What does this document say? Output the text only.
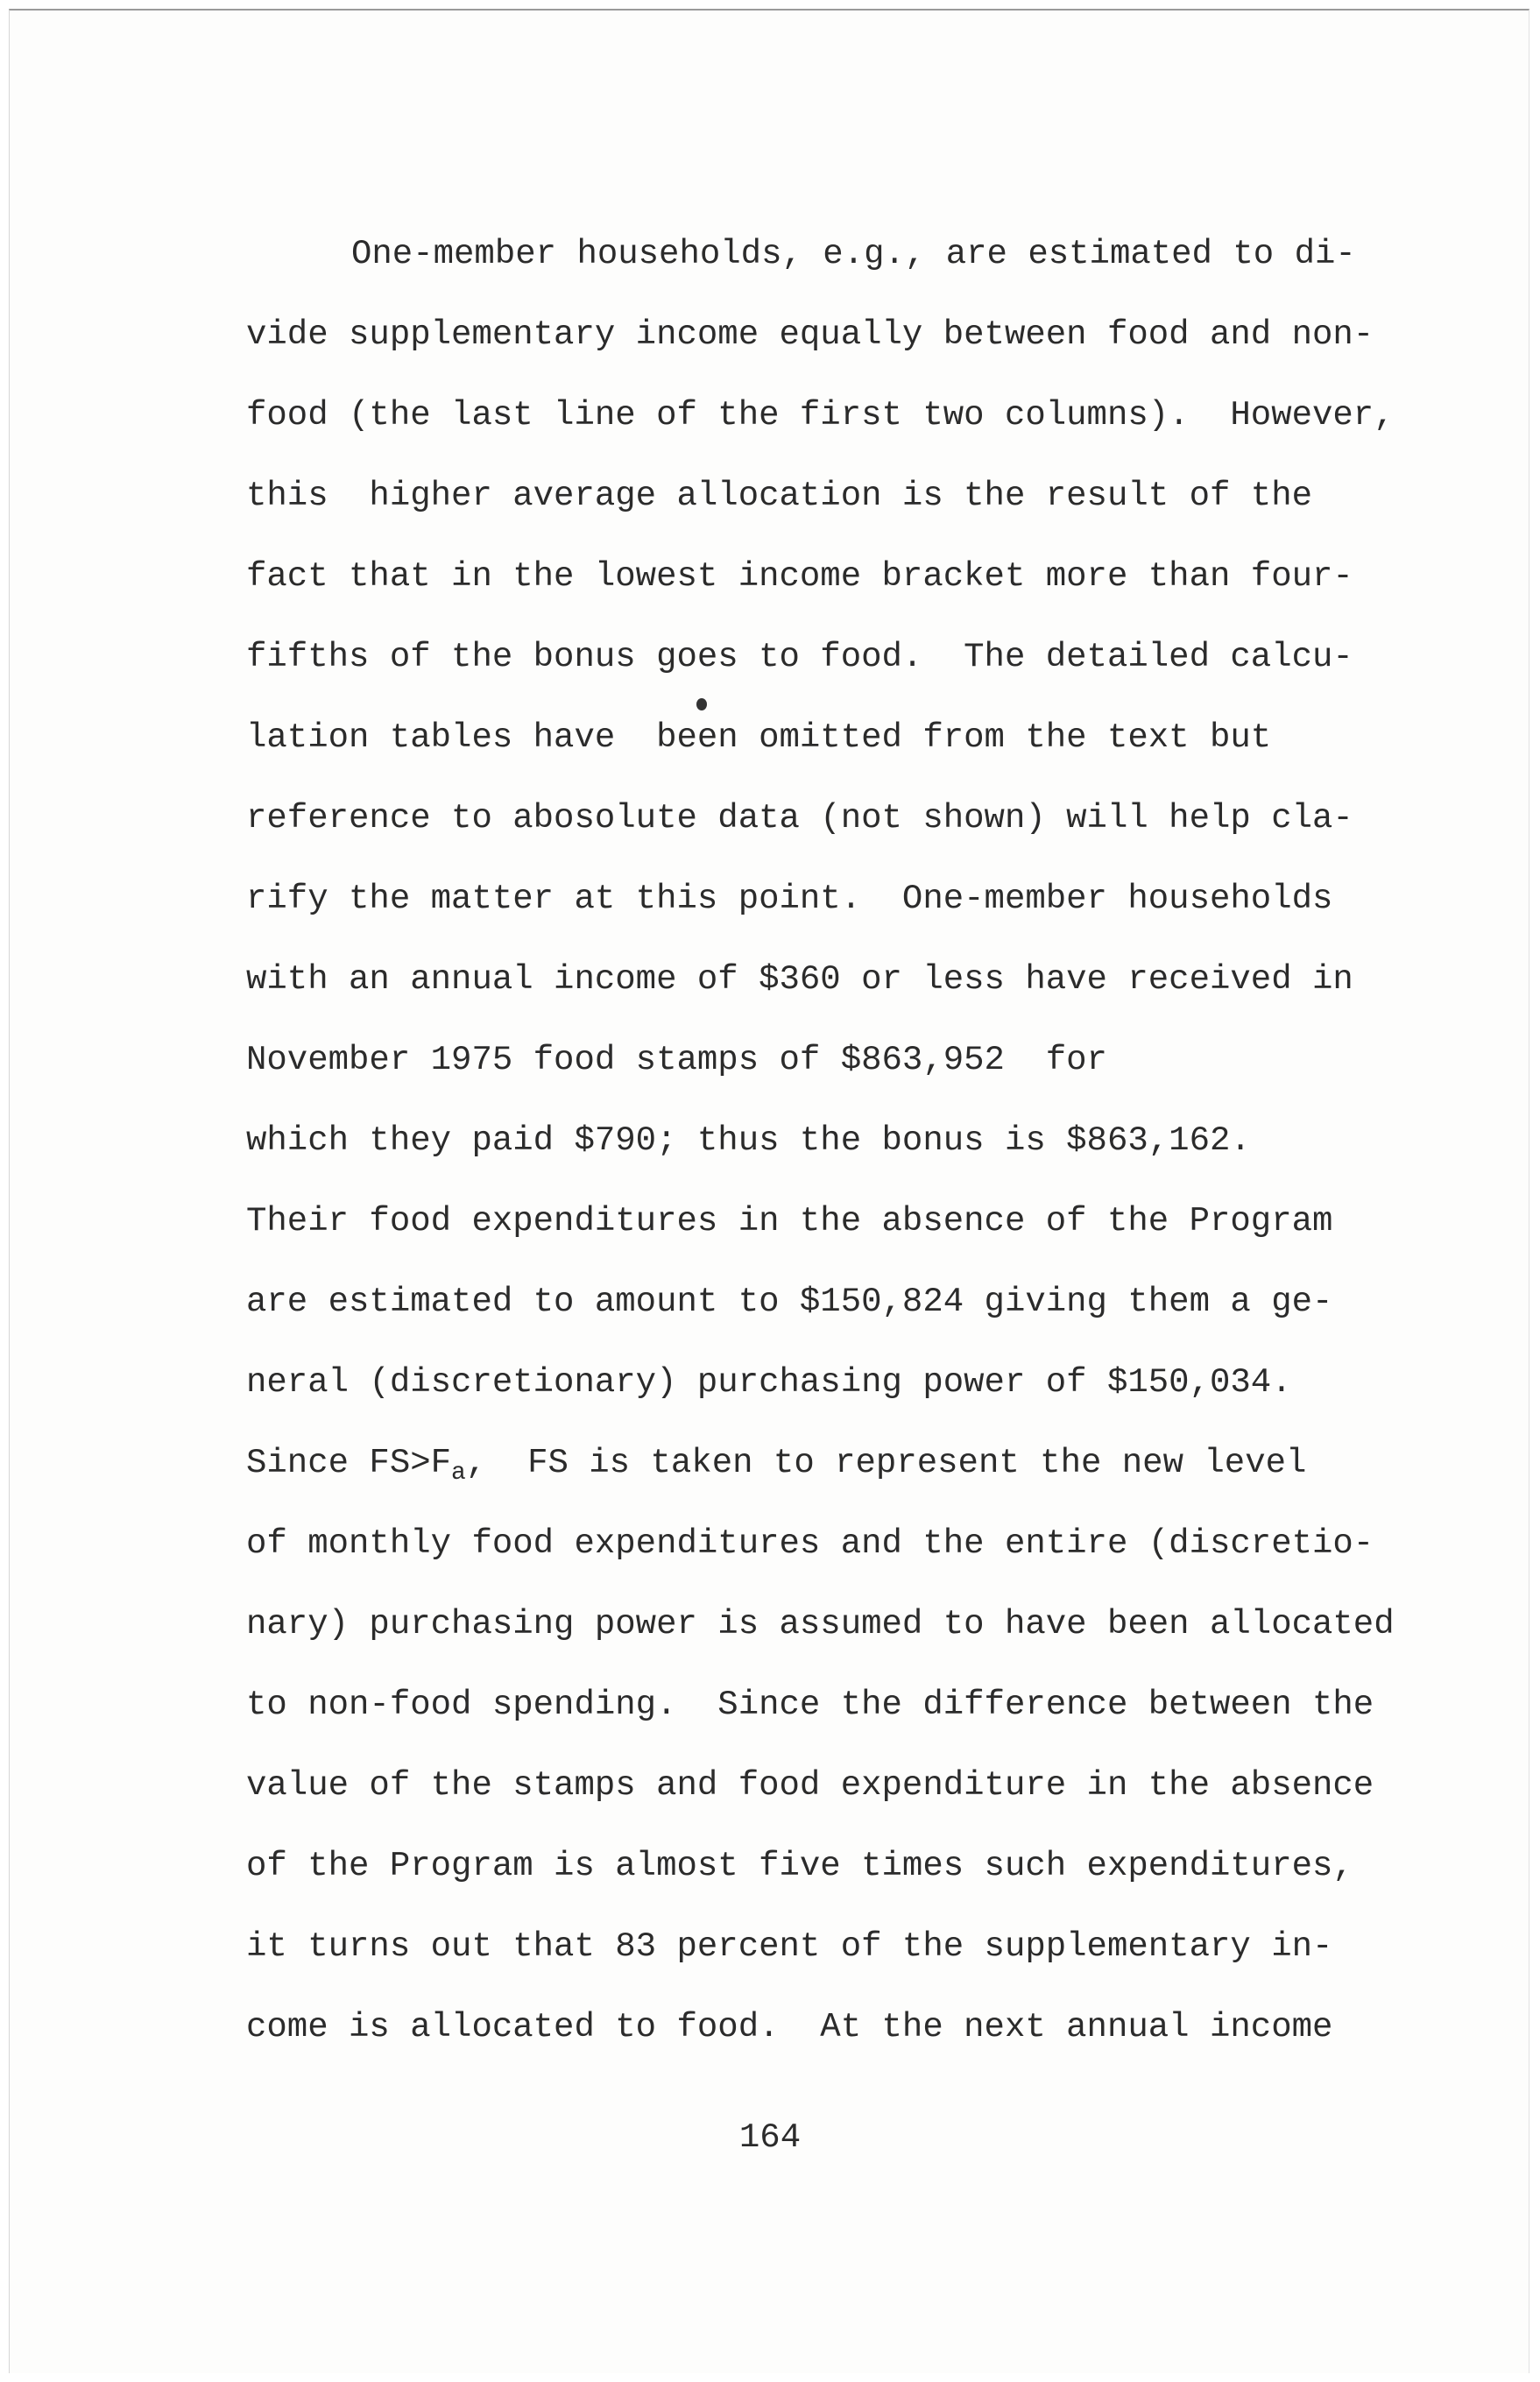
One-member households, e.g., are estimated to di-
vide supplementary income equally between food and non-
food (the last line of the first two columns).  However,
this  higher average allocation is the result of the
fact that in the lowest income bracket more than four-
fifths of the bonus goes to food.  The detailed calcu-
lation tables have  been omitted from the text but
reference to abosolute data (not shown) will help cla-
rify the matter at this point.  One-member households
with an annual income of $360 or less have received in
November 1975 food stamps of $863,952  for
which they paid $790; thus the bonus is $863,162.
Their food expenditures in the absence of the Program
are estimated to amount to $150,824 giving them a ge-
neral (discretionary) purchasing power of $150,034.
Since $FS>F_a$,  FS is taken to represent the new level
of monthly food expenditures and the entire (discretio-
nary) purchasing power is assumed to have been allocated
to non-food spending.  Since the difference between the
value of the stamps and food expenditure in the absence
of the Program is almost five times such expenditures,
it turns out that 83 percent of the supplementary in-
come is allocated to food.  At the next annual income
164
